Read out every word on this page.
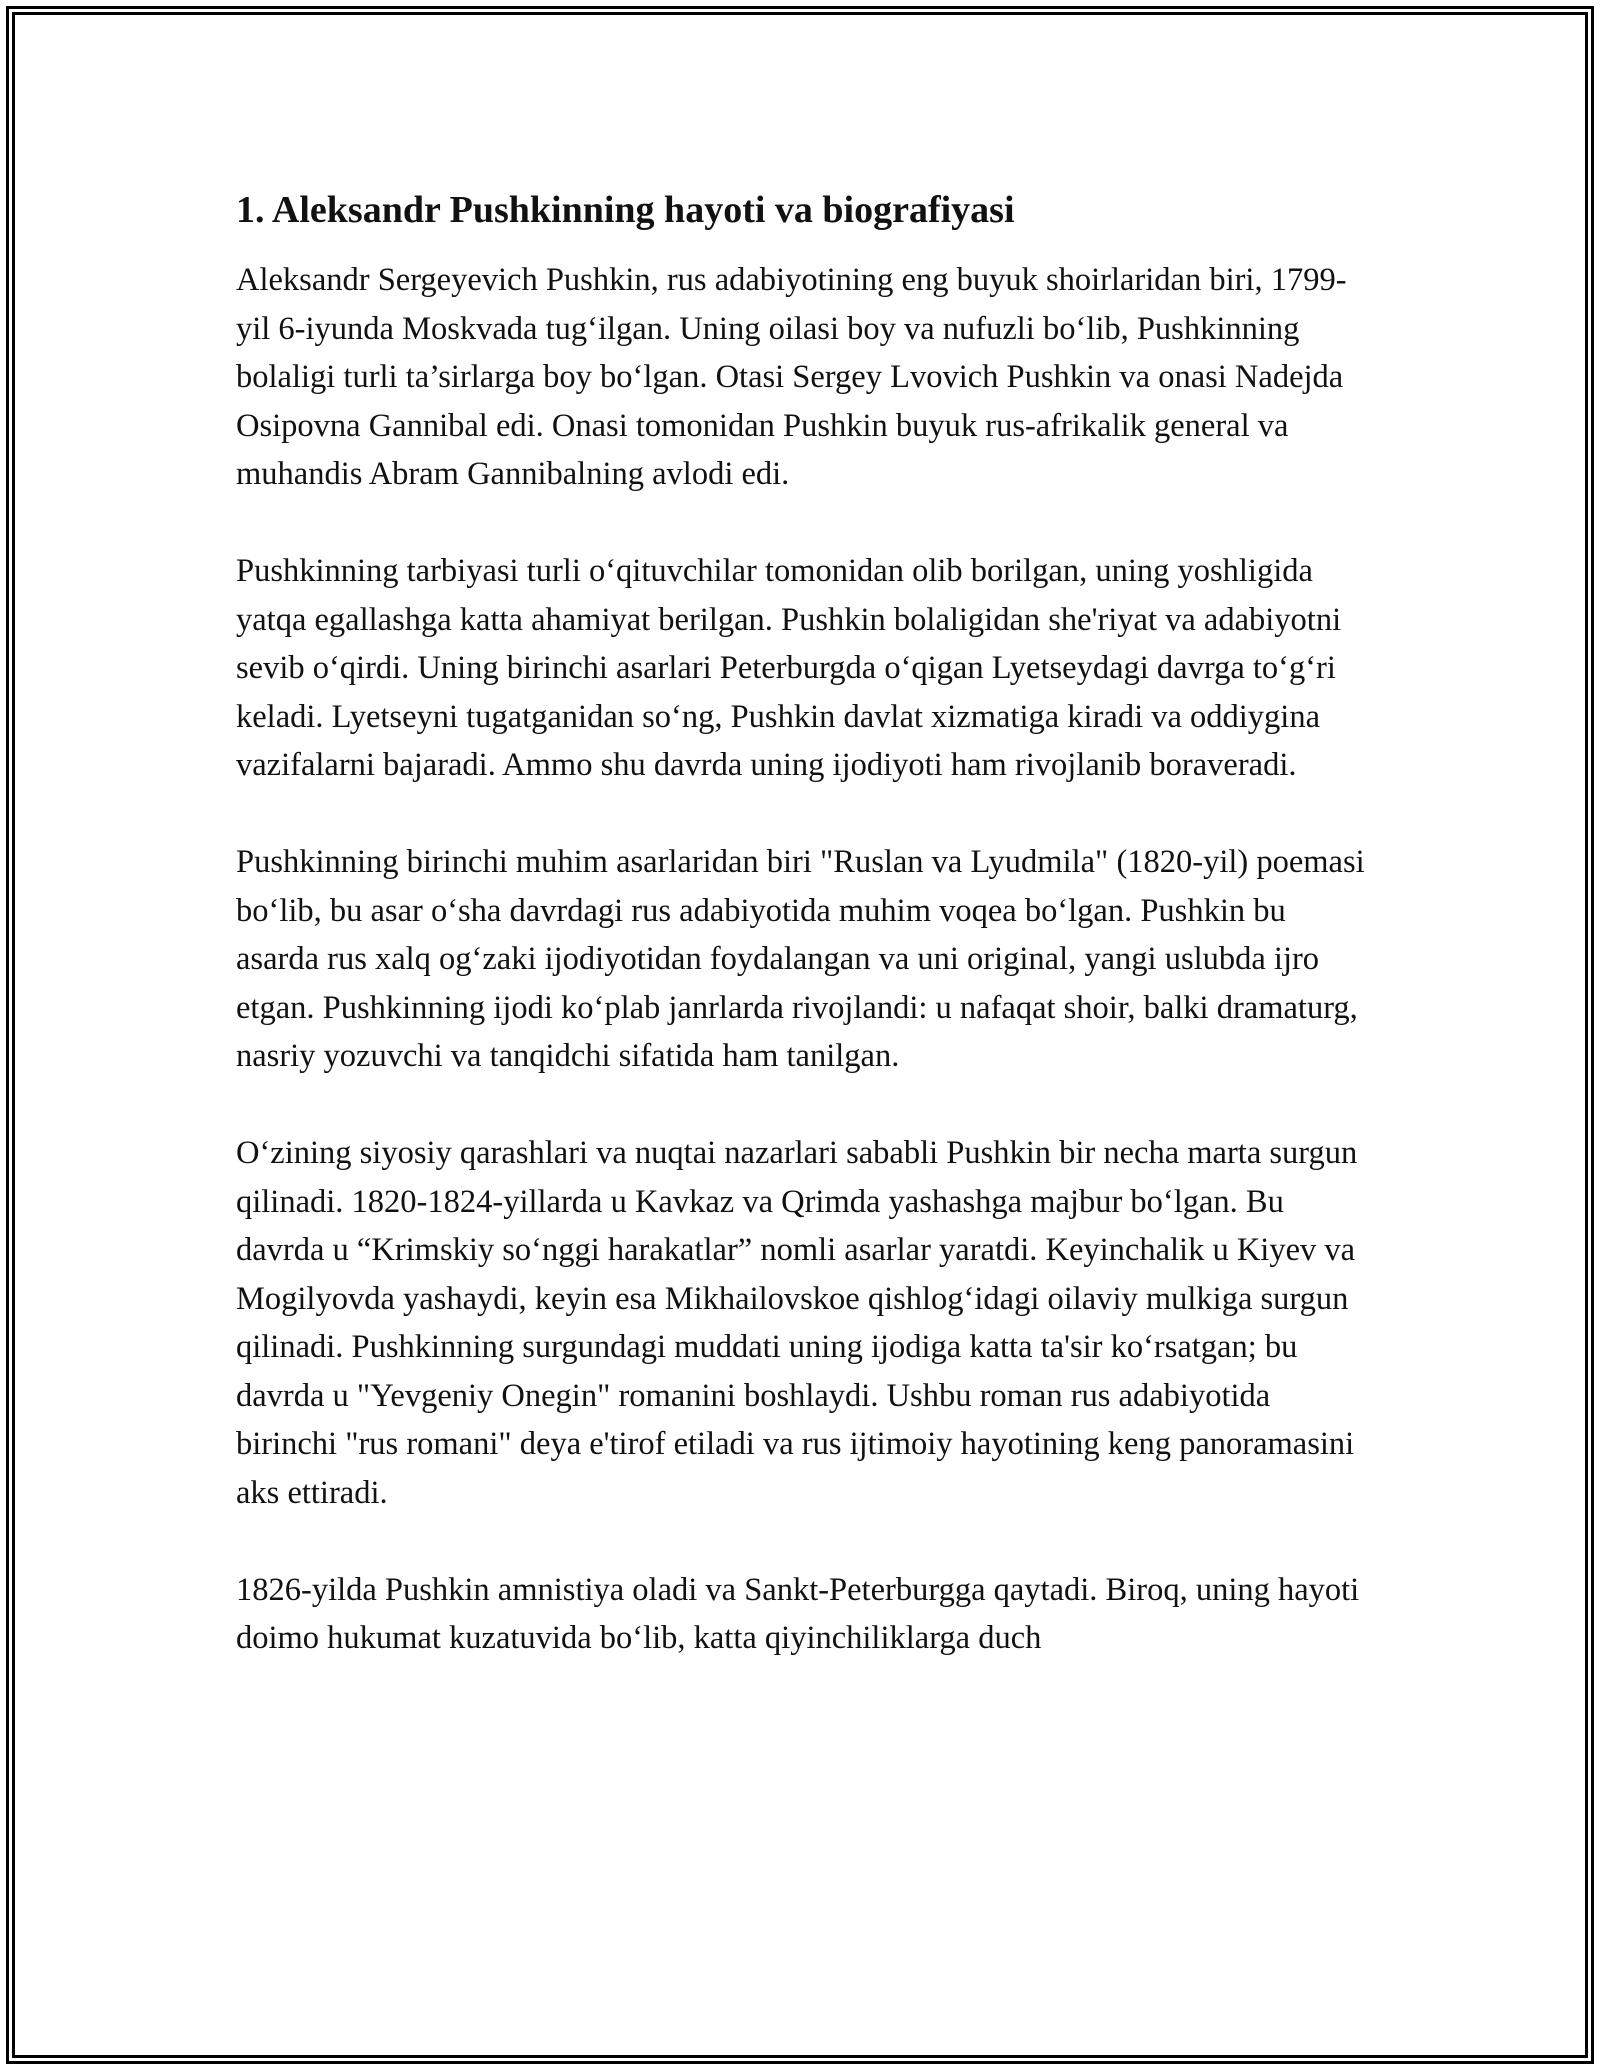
1. Aleksandr Pushkinning hayoti va biografiyasi

Aleksandr Sergeyevich Pushkin, rus adabiyotining eng buyuk shoirlaridan biri, 1799-yil 6-iyunda Moskvada tug‘ilgan. Uning oilasi boy va nufuzli bo‘lib, Pushkinning bolaligi turli ta’sirlarga boy bo‘lgan. Otasi Sergey Lvovich Pushkin va onasi Nadejda Osipovna Gannibal edi. Onasi tomonidan Pushkin buyuk rus-afrikalik general va muhandis Abram Gannibalning avlodi edi.

Pushkinning tarbiyasi turli o‘qituvchilar tomonidan olib borilgan, uning yoshligida yatqa egallashga katta ahamiyat berilgan. Pushkin bolaligidan she'riyat va adabiyotni sevib o‘qirdi. Uning birinchi asarlari Peterburgda o‘qigan Lyetseydagi davrga to‘g‘ri keladi. Lyetseyni tugatganidan so‘ng, Pushkin davlat xizmatiga kiradi va oddiygina vazifalarni bajaradi. Ammo shu davrda uning ijodiyoti ham rivojlanib boraveradi.

Pushkinning birinchi muhim asarlaridan biri "Ruslan va Lyudmila" (1820-yil) poemasi bo‘lib, bu asar o‘sha davrdagi rus adabiyotida muhim voqea bo‘lgan. Pushkin bu asarda rus xalq og‘zaki ijodiyotidan foydalangan va uni original, yangi uslubda ijro etgan. Pushkinning ijodi ko‘plab janrlarda rivojlandi: u nafaqat shoir, balki dramaturg, nasriy yozuvchi va tanqidchi sifatida ham tanilgan.

O‘zining siyosiy qarashlari va nuqtai nazarlari sababli Pushkin bir necha marta surgun qilinadi. 1820-1824-yillarda u Kavkaz va Qrimda yashashga majbur bo‘lgan. Bu davrda u “Krimskiy so‘nggi harakatlar” nomli asarlar yaratdi. Keyinchalik u Kiyev va Mogilyovda yashaydi, keyin esa Mikhailovskoe qishlog‘idagi oilaviy mulkiga surgun qilinadi. Pushkinning surgundagi muddati uning ijodiga katta ta'sir ko‘rsatgan; bu davrda u "Yevgeniy Onegin" romanini boshlaydi. Ushbu roman rus adabiyotida birinchi "rus romani" deya e'tirof etiladi va rus ijtimoiy hayotining keng panoramasini aks ettiradi.

1826-yilda Pushkin amnistiya oladi va Sankt-Peterburgga qaytadi. Biroq, uning hayoti doimo hukumat kuzatuvida bo‘lib, katta qiyinchiliklarga duch
